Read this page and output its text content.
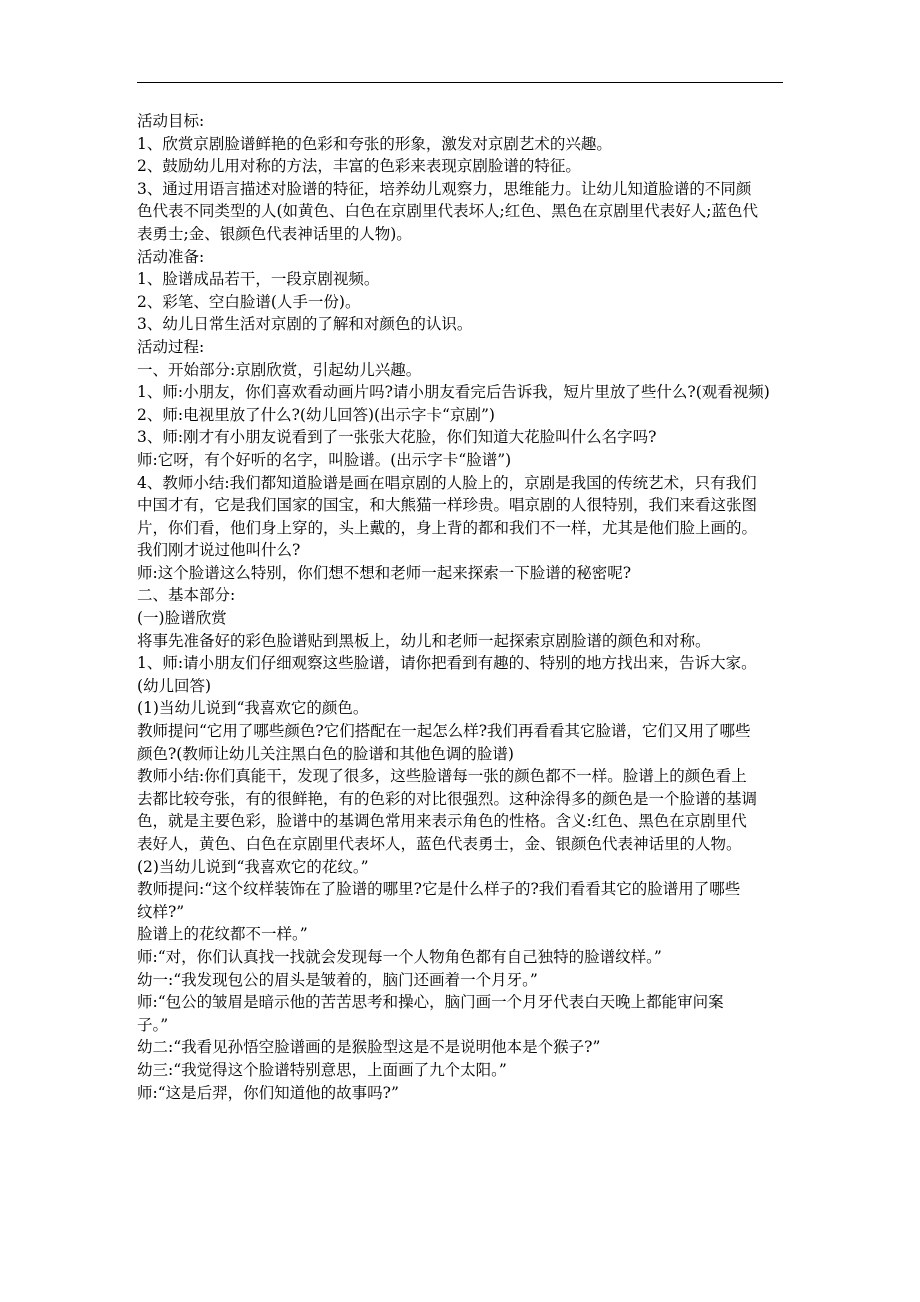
活动目标:

1、欣赏京剧脸谱鲜艳的色彩和夸张的形象，激发对京剧艺术的兴趣。

2、鼓励幼儿用对称的方法，丰富的色彩来表现京剧脸谱的特征。

3、通过用语言描述对脸谱的特征，培养幼儿观察力，思维能力。让幼儿知道脸谱的不同颜

色代表不同类型的人(如黄色、白色在京剧里代表坏人;红色、黑色在京剧里代表好人;蓝色代

表勇士;金、银颜色代表神话里的人物)。

活动准备:

1、脸谱成品若干，一段京剧视频。

2、彩笔、空白脸谱(人手一份)。

3、幼儿日常生活对京剧的了解和对颜色的认识。

活动过程:

一、开始部分:京剧欣赏，引起幼儿兴趣。

1、师:小朋友，你们喜欢看动画片吗?请小朋友看完后告诉我，短片里放了些什么?(观看视频)

2、师:电视里放了什么?(幼儿回答)(出示字卡“京剧”)

3、师:刚才有小朋友说看到了一张张大花脸，你们知道大花脸叫什么名字吗?

师:它呀，有个好听的名字，叫脸谱。(出示字卡“脸谱”)

4、教师小结:我们都知道脸谱是画在唱京剧的人脸上的，京剧是我国的传统艺术，只有我们

中国才有，它是我们国家的国宝，和大熊猫一样珍贵。唱京剧的人很特别，我们来看这张图

片，你们看，他们身上穿的，头上戴的，身上背的都和我们不一样，尤其是他们脸上画的。

我们刚才说过他叫什么?

师:这个脸谱这么特别，你们想不想和老师一起来探索一下脸谱的秘密呢?

二、基本部分:

(一)脸谱欣赏

将事先准备好的彩色脸谱贴到黑板上，幼儿和老师一起探索京剧脸谱的颜色和对称。

1、师:请小朋友们仔细观察这些脸谱，请你把看到有趣的、特别的地方找出来，告诉大家。

(幼儿回答)

(1)当幼儿说到“我喜欢它的颜色。

教师提问“它用了哪些颜色?它们搭配在一起怎么样?我们再看看其它脸谱，它们又用了哪些

颜色?(教师让幼儿关注黑白色的脸谱和其他色调的脸谱)

教师小结:你们真能干，发现了很多，这些脸谱每一张的颜色都不一样。脸谱上的颜色看上

去都比较夸张，有的很鲜艳，有的色彩的对比很强烈。这种涂得多的颜色是一个脸谱的基调

色，就是主要色彩，脸谱中的基调色常用来表示角色的性格。含义:红色、黑色在京剧里代

表好人，黄色、白色在京剧里代表坏人，蓝色代表勇士，金、银颜色代表神话里的人物。

(2)当幼儿说到“我喜欢它的花纹。”

教师提问:“这个纹样装饰在了脸谱的哪里?它是什么样子的?我们看看其它的脸谱用了哪些

纹样?”

脸谱上的花纹都不一样。”

师:“对，你们认真找一找就会发现每一个人物角色都有自己独特的脸谱纹样。”

幼一:“我发现包公的眉头是皱着的，脑门还画着一个月牙。”

师:“包公的皱眉是暗示他的苦苦思考和操心，脑门画一个月牙代表白天晚上都能审问案

子。”

幼二:“我看见孙悟空脸谱画的是猴脸型这是不是说明他本是个猴子?”

幼三:“我觉得这个脸谱特别意思，上面画了九个太阳。”

师:“这是后羿，你们知道他的故事吗?”
